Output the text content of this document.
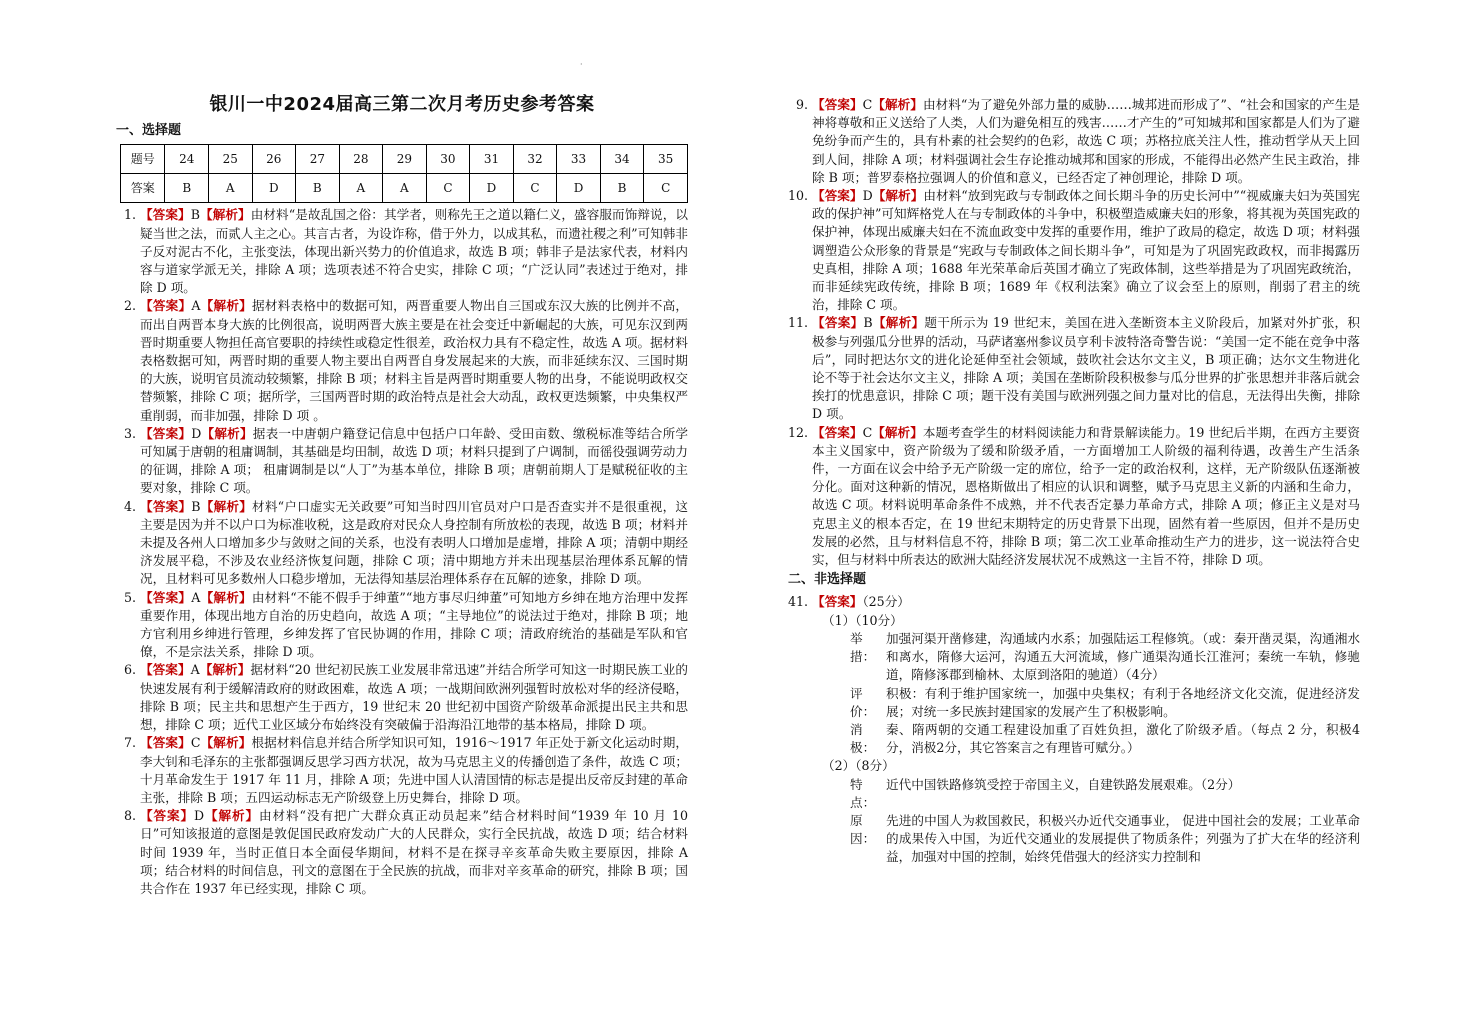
·
银川一中2024届高三第二次月考历史参考答案
一、选择题
题号	24	25	26	27	28	29	30	31	32	33	34	35
答案	B	A	D	B	A	A	C	D	C	D	B	C
1. 【答案】B【解析】由材料“是故乱国之俗：其学者，则称先王之道以籍仁义，盛容服而饰辩说，以疑当世之法，而贰人主之心。其言古者，为设诈称，借于外力，以成其私，而遗社稷之利”可知韩非子反对泥古不化，主张变法，体现出新兴势力的价值追求，故选 B 项；韩非子是法家代表，材料内容与道家学派无关，排除 A 项；选项表述不符合史实，排除 C 项；“广泛认同”表述过于绝对，排除 D 项。
2. 【答案】A【解析】据材料表格中的数据可知，两晋重要人物出自三国或东汉大族的比例并不高，而出自两晋本身大族的比例很高，说明两晋大族主要是在社会变迁中新崛起的大族，可见东汉到两晋时期重要人物担任高官要职的持续性或稳定性很差，政治权力具有不稳定性，故选 A 项。据材料表格数据可知，两晋时期的重要人物主要出自两晋自身发展起来的大族，而非延续东汉、三国时期的大族，说明官员流动较频繁，排除 B 项；材料主旨是两晋时期重要人物的出身，不能说明政权交替频繁，排除 C 项；据所学，三国两晋时期的政治特点是社会大动乱，政权更迭频繁，中央集权严重削弱，而非加强，排除 D 项 。
3. 【答案】D【解析】据表一中唐朝户籍登记信息中包括户口年龄、受田亩数、缴税标准等结合所学可知属于唐朝的租庸调制，其基础是均田制，故选 D 项；材料只提到了户调制，而徭役强调劳动力的征调，排除 A 项； 租庸调制是以“人丁”为基本单位，排除 B 项；唐朝前期人丁是赋税征收的主要对象，排除 C 项。
4. 【答案】B【解析】材料“户口虚实无关政要”可知当时四川官员对户口是否查实并不是很重视，这主要是因为并不以户口为标准收税，这是政府对民众人身控制有所放松的表现，故选 B 项；材料并未提及各州人口增加多少与敛财之间的关系，也没有表明人口增加是虚增，排除 A 项；清朝中期经济发展平稳，不涉及农业经济恢复问题，排除 C 项；清中期地方并未出现基层治理体系瓦解的情况，且材料可见多数州人口稳步增加，无法得知基层治理体系存在瓦解的迹象，排除 D 项。
5. 【答案】A【解析】由材料“不能不假手于绅董”“地方事尽归绅董”可知地方乡绅在地方治理中发挥重要作用，体现出地方自治的历史趋向，故选 A 项；“主导地位”的说法过于绝对，排除 B 项；地方官利用乡绅进行管理，乡绅发挥了官民协调的作用，排除 C 项；清政府统治的基础是军队和官僚，不是宗法关系，排除 D 项。
6. 【答案】A【解析】据材料“20 世纪初民族工业发展非常迅速”并结合所学可知这一时期民族工业的快速发展有利于缓解清政府的财政困难，故选 A 项；一战期间欧洲列强暂时放松对华的经济侵略，排除 B 项；民主共和思想产生于西方，19 世纪末 20 世纪初中国资产阶级革命派提出民主共和思想，排除 C 项；近代工业区域分布始终没有突破偏于沿海沿江地带的基本格局，排除 D 项。
7. 【答案】C【解析】根据材料信息并结合所学知识可知，1916～1917 年正处于新文化运动时期，李大钊和毛泽东的主张都强调反思学习西方状况，故为马克思主义的传播创造了条件，故选 C 项；十月革命发生于 1917 年 11 月，排除 A 项；先进中国人认清国情的标志是提出反帝反封建的革命主张，排除 B 项；五四运动标志无产阶级登上历史舞台，排除 D 项。
8. 【答案】D【解析】由材料“没有把广大群众真正动员起来”结合材料时间“1939 年 10 月 10 日”可知该报道的意图是敦促国民政府发动广大的人民群众，实行全民抗战，故选 D 项；结合材料时间 1939 年，当时正值日本全面侵华期间，材料不是在探寻辛亥革命失败主要原因，排除 A 项；结合材料的时间信息，刊文的意图在于全民族的抗战，而非对辛亥革命的研究，排除 B 项；国共合作在 1937 年已经实现，排除 C 项。
9. 【答案】C【解析】由材料“为了避免外部力量的威胁……城邦进而形成了”、“社会和国家的产生是神将尊敬和正义送给了人类，人们为避免相互的残害……才产生的”可知城邦和国家都是人们为了避免纷争而产生的，具有朴素的社会契约的色彩，故选 C 项；苏格拉底关注人性，推动哲学从天上回到人间，排除 A 项；材料强调社会生存论推动城邦和国家的形成，不能得出必然产生民主政治，排除 B 项；普罗泰格拉强调人的价值和意义，已经否定了神创理论，排除 D 项。
10. 【答案】D【解析】由材料“放到宪政与专制政体之间长期斗争的历史长河中”“视威廉夫妇为英国宪政的保护神”可知辉格党人在与专制政体的斗争中，积极塑造威廉夫妇的形象，将其视为英国宪政的保护神，体现出威廉夫妇在不流血政变中发挥的重要作用，维护了政局的稳定，故选 D 项；材料强调塑造公众形象的背景是“宪政与专制政体之间长期斗争”，可知是为了巩固宪政政权，而非揭露历史真相，排除 A 项；1688 年光荣革命后英国才确立了宪政体制，这些举措是为了巩固宪政统治，而非延续宪政传统，排除 B 项；1689 年《权利法案》确立了议会至上的原则，削弱了君主的统治，排除 C 项。
11. 【答案】B【解析】题干所示为 19 世纪末，美国在进入垄断资本主义阶段后，加紧对外扩张，积极参与列强瓜分世界的活动，马萨诸塞州参议员亨利卡波特洛奇警告说：“美国一定不能在竞争中落后”，同时把达尔文的进化论延伸至社会领域，鼓吹社会达尔文主义，B 项正确；达尔文生物进化论不等于社会达尔文主义，排除 A 项；美国在垄断阶段积极参与瓜分世界的扩张思想并非落后就会挨打的忧患意识，排除 C 项；题干没有美国与欧洲列强之间力量对比的信息，无法得出失衡，排除 D 项。
12. 【答案】C【解析】本题考查学生的材料阅读能力和背景解读能力。19 世纪后半期，在西方主要资本主义国家中，资产阶级为了缓和阶级矛盾，一方面增加工人阶级的福利待遇，改善生产生活条件，一方面在议会中给予无产阶级一定的席位，给予一定的政治权利，这样，无产阶级队伍逐渐被分化。面对这种新的情况，恩格斯做出了相应的认识和调整，赋予马克思主义新的内涵和生命力，故选 C 项。材料说明革命条件不成熟，并不代表否定暴力革命方式，排除 A 项；修正主义是对马克思主义的根本否定，在 19 世纪末期特定的历史背景下出现，固然有着一些原因，但并不是历史发展的必然，且与材料信息不符，排除 B 项；第二次工业革命推动生产力的进步，这一说法符合史实，但与材料中所表达的欧洲大陆经济发展状况不成熟这一主旨不符，排除 D 项。
二、非选择题
41. 【答案】（25分）
（1）（10分）
举措：
加强河渠开凿修建，沟通域内水系；加强陆运工程修筑。（或：秦开凿灵渠，沟通湘水和离水，隋修大运河，沟通五大河流域，修广通渠沟通长江淮河；秦统一车轨，修驰道，隋修涿郡到榆林、太原到洛阳的驰道）（4分）
评价：
积极：有利于维护国家统一，加强中央集权；有利于各地经济文化交流，促进经济发展；对统一多民族封建国家的发展产生了积极影响。
消极：
秦、隋两朝的交通工程建设加重了百姓负担，激化了阶级矛盾。（每点 2 分，积极4分，消极2分，其它答案言之有理皆可赋分。）
（2）（8分）
特点：
近代中国铁路修筑受控于帝国主义，自建铁路发展艰难。（2分）
原因：
先进的中国人为救国救民，积极兴办近代交通事业， 促进中国社会的发展；工业革命的成果传入中国，为近代交通业的发展提供了物质条件；列强为了扩大在华的经济利益，加强对中国的控制，始终凭借强大的经济实力控制和
